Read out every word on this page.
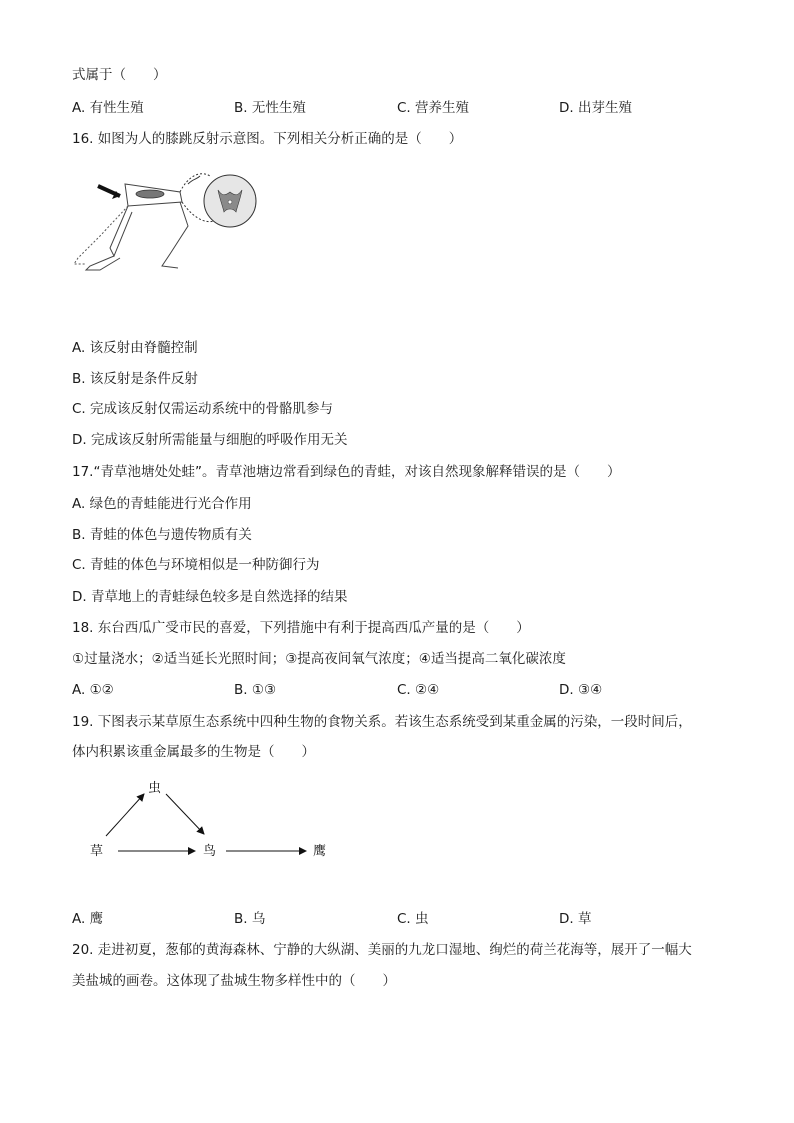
式属于（　　）
A. 有性生殖	B. 无性生殖	C. 营养生殖	D. 出芽生殖
16. 如图为人的膝跳反射示意图。下列相关分析正确的是（　　）
A. 该反射由脊髓控制
B. 该反射是条件反射
C. 完成该反射仅需运动系统中的骨骼肌参与
D. 完成该反射所需能量与细胞的呼吸作用无关
17.“青草池塘处处蛙”。青草池塘边常看到绿色的青蛙，对该自然现象解释错误的是（　　）
A. 绿色的青蛙能进行光合作用
B. 青蛙的体色与遗传物质有关
C. 青蛙的体色与环境相似是一种防御行为
D. 青草地上的青蛙绿色较多是自然选择的结果
18. 东台西瓜广受市民的喜爱，下列措施中有利于提高西瓜产量的是（　　）
①过量浇水；②适当延长光照时间；③提高夜间氧气浓度；④适当提高二氧化碳浓度
A. ①②	B. ①③	C. ②④	D. ③④
19. 下图表示某草原生态系统中四种生物的食物关系。若该生态系统受到某重金属的污染，一段时间后，
体内积累该重金属最多的生物是（　　）
虫
草	鸟	鹰
A. 鹰	B. 乌	C. 虫	D. 草
20. 走进初夏，葱郁的黄海森林、宁静的大纵湖、美丽的九龙口湿地、绚烂的荷兰花海等，展开了一幅大
美盐城的画卷。这体现了盐城生物多样性中的（　　）
